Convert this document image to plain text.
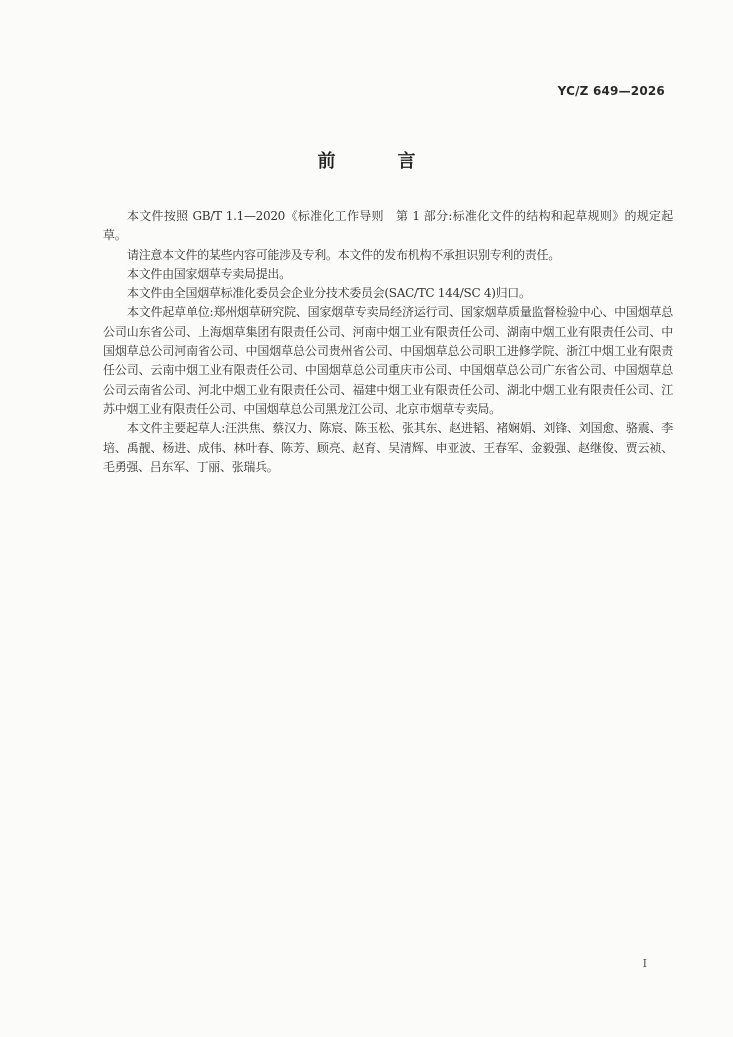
YC/Z 649—2026
前　言

本文件按照 GB/T 1.1—2020《标准化工作导则　第 1 部分:标准化文件的结构和起草规则》的规定起草。

请注意本文件的某些内容可能涉及专利。本文件的发布机构不承担识别专利的责任。

本文件由国家烟草专卖局提出。

本文件由全国烟草标准化委员会企业分技术委员会(SAC/TC 144/SC 4)归口。

本文件起草单位:郑州烟草研究院、国家烟草专卖局经济运行司、国家烟草质量监督检验中心、中国烟草总公司山东省公司、上海烟草集团有限责任公司、河南中烟工业有限责任公司、湖南中烟工业有限责任公司、中国烟草总公司河南省公司、中国烟草总公司贵州省公司、中国烟草总公司职工进修学院、浙江中烟工业有限责任公司、云南中烟工业有限责任公司、中国烟草总公司重庆市公司、中国烟草总公司广东省公司、中国烟草总公司云南省公司、河北中烟工业有限责任公司、福建中烟工业有限责任公司、湖北中烟工业有限责任公司、江苏中烟工业有限责任公司、中国烟草总公司黑龙江公司、北京市烟草专卖局。

本文件主要起草人:汪洪焦、蔡汉力、陈宸、陈玉松、张其东、赵进韬、褚娴娟、刘锋、刘国愈、骆震、李培、禹靓、杨进、成伟、林叶春、陈芳、顾亮、赵育、吴清辉、申亚波、王春军、金毅强、赵继俊、贾云祯、毛勇强、吕东军、丁丽、张瑞兵。

I
